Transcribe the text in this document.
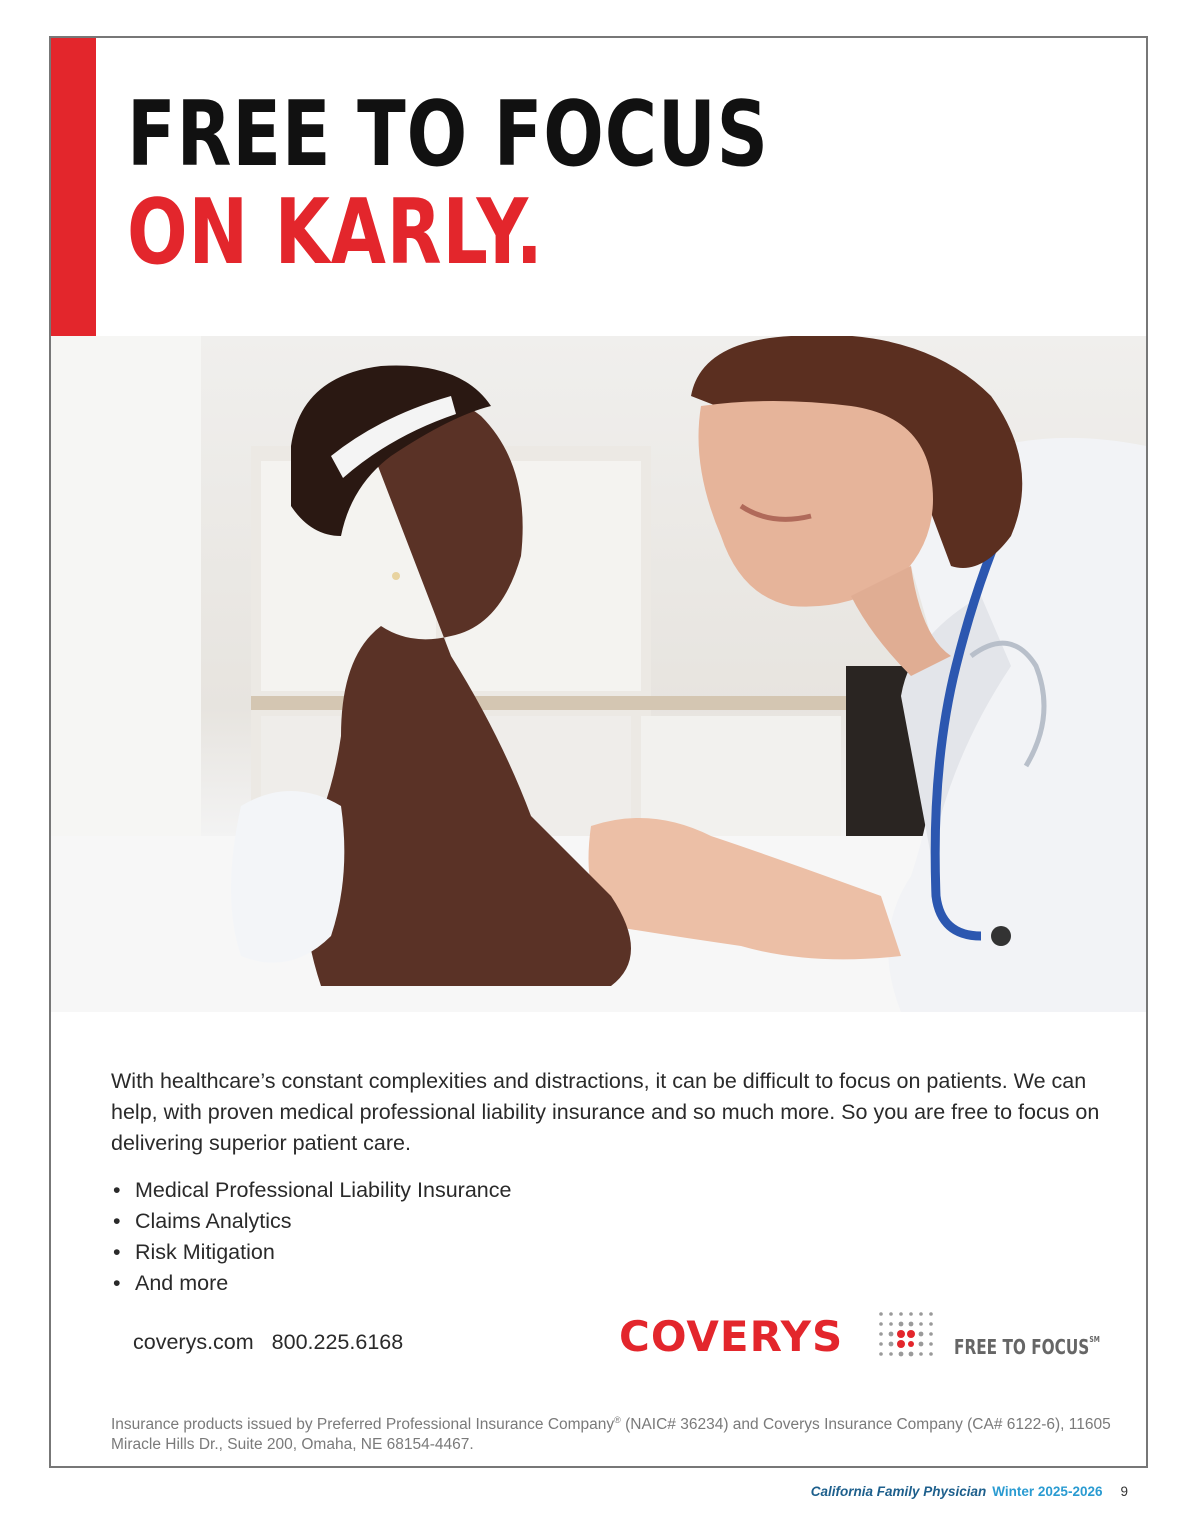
FREE TO FOCUS
ON KARLY.

With healthcare’s constant complexities and distractions, it can be difficult to focus on patients. We can help, with proven medical professional liability insurance and so much more. So you are free to focus on delivering superior patient care.

• Medical Professional Liability Insurance
• Claims Analytics
• Risk Mitigation
• And more
coverys.com 800.225.6168	COVERYS	FREE TO FOCUS℠

Insurance products issued by Preferred Professional Insurance Company® (NAIC# 36234) and Coverys Insurance Company (CA# 6122-6), 11605 Miracle Hills Dr., Suite 200, Omaha, NE 68154-4467.

California Family Physician Winter 2025-2026 9
